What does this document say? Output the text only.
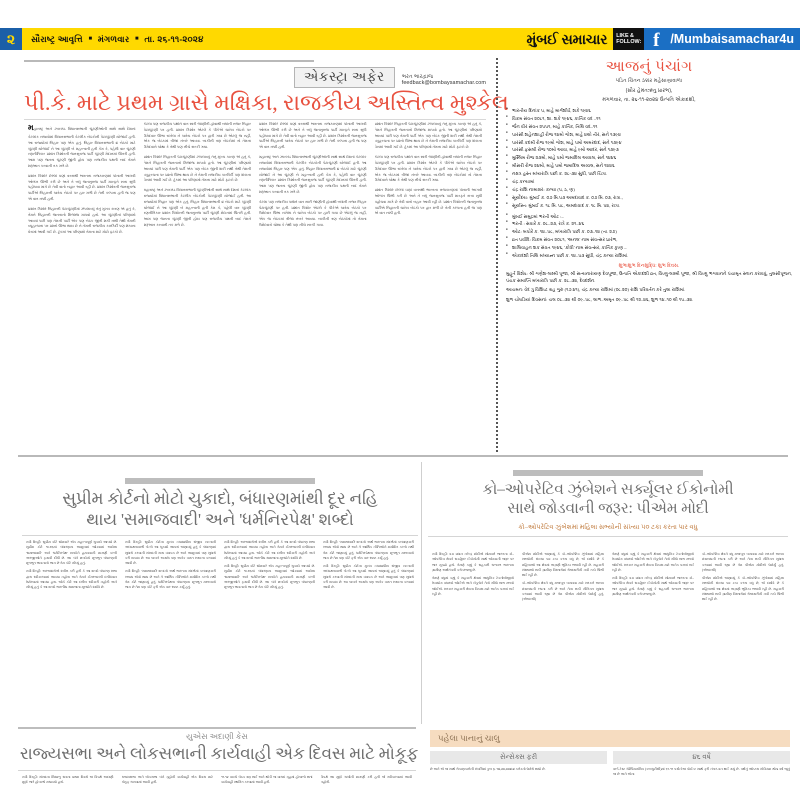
૨	સૌરાષ્ટ્ર આવૃત્તિ ■ મંગળવાર ■ તા. ૨૬-૧૧-૨૦૨૪	મુંબઈ સમાચાર	LIKE &
FOLLOW: f /Mumbaisamachar4u
એકસ્ટ્રા અફેર	ભરત ભારદ્વાજ
feedback@bombaysamachar.com
પી.કે. માટે પ્રથમ ગ્રાસે મક્ષિકા, રાજકીય અસ્તિત્વ મુશ્કેલ
મહારાષ્ટ્ર અને ઝારખંડ વિધાનસભાની ચૂંટણીઓની સાથે સાથે દેશનાં કેટલાંક રાજ્યોમાં વિધાનસભાની કેટલીક બેઠકોની પેટાચૂંટણી યોજાઈ હતી. આ રાજ્યોમાં બિહાર પણ એક હતું. બિહાર વિધાનસભાની ૪ બેઠકો માટે ચૂંટણી યોજાઈ ને આ ચૂંટણી બે મહત્ત્વની હતી કેમ કે, પહેલી વાર ચૂંટણી રણનીતિકાર પ્રશાંત કિશોરની જનસુરાજ પાર્ટી ચૂંટણી મેદાનમાં ઊતરી હતી. આમ પણ જનતા ચૂંટણી જીતી હોય પણ રાજકીય પક્ષની બાદ તેમને શરૂઆત કરવાની તક મળે છે.
પ્રશાંત કિશોરે છેલ્લાં ઘણાં વરસથી ભારતના રાજકારણમાં પોતાની આગવી ઓળખ ઊભી કરી છે અને તે બધું જનસુરાજ પાર્ટી મારફતે સત્તા સુધી પહોંચવા માગે છે તેવી વાતો બહાર આવી રહી છે. પ્રશાંત કિશોરની જનસુરાજ પાર્ટીએ બિહારની ચારેય બેઠકો પર હાર મળી છે તેની કલ્પના હતી જ પણ એ વાત નક્કી હતી.
પ્રશાંત કિશોરે બિહારની પેટાચૂંટણીમાં ઝંપલાવ્યું તેનું મુખ્ય કારણ એ હતું કે, તેમને બિહારની જનતાનો મિજાજ માપવો હતો. આ ચૂંટણીનાં પરિણામો આવ્યાં પછી પણ તેમની પાર્ટી એક પણ બેઠક જીતી શકી નથી તેથી તેમની વ્યૂહરચના પર પ્રશ્નો ઊભા થાય છે ને તેમની રાજકીય કારકિર્દી પણ શંકાના ઘેરામાં આવી ગઈ છે. ટૂંકમાં આ પરિણામો તેમના માટે મોટો ફટકો છે.
કેટલા પણ રાજકીય પક્ષોને વાત સારી જાણીતી હોવાથી બધાંની નજર બિહાર પેટાચૂંટણી પર હતી. પ્રશાંત કિશોર એટલે કે પીકેએ ચારેય બેઠકો પર ઉમેદવાર ઊભા રાખેલા ને ચારેય બેઠકો પર હારી ગયા છે એટલું જ નહીં, એક જ બેઠકમાં ત્રીજા નંબરે આવ્યા. બાકીની ત્રણ બેઠકોમાં તો તેમના ઉમેદવારો ચોથા કે તેથી પણ નીચે સરકી ગયા.
પ્રશાંત કિશોરે બિહારની પેટાચૂંટણીમાં ઝંપલાવ્યું તેનું મુખ્ય કારણ એ હતું કે, તેમને બિહારની જનતાનો મિજાજ માપવો હતો. આ ચૂંટણીનાં પરિણામો આવ્યાં પછી પણ તેમની પાર્ટી એક પણ બેઠક જીતી શકી નથી તેથી તેમની વ્યૂહરચના પર પ્રશ્નો ઊભા થાય છે ને તેમની રાજકીય કારકિર્દી પણ શંકાના ઘેરામાં આવી ગઈ છે. ટૂંકમાં આ પરિણામો તેમના માટે મોટો ફટકો છે.
મહારાષ્ટ્ર અને ઝારખંડ વિધાનસભાની ચૂંટણીઓની સાથે સાથે દેશનાં કેટલાંક રાજ્યોમાં વિધાનસભાની કેટલીક બેઠકોની પેટાચૂંટણી યોજાઈ હતી. આ રાજ્યોમાં બિહાર પણ એક હતું. બિહાર વિધાનસભાની ૪ બેઠકો માટે ચૂંટણી યોજાઈ ને આ ચૂંટણી બે મહત્ત્વની હતી કેમ કે, પહેલી વાર ચૂંટણી રણનીતિકાર પ્રશાંત કિશોરની જનસુરાજ પાર્ટી ચૂંટણી મેદાનમાં ઊતરી હતી. આમ પણ જનતા ચૂંટણી જીતી હોય પણ રાજકીય પક્ષની બાદ તેમને શરૂઆત કરવાની તક મળે છે.
પ્રશાંત કિશોરે છેલ્લાં ઘણાં વરસથી ભારતના રાજકારણમાં પોતાની આગવી ઓળખ ઊભી કરી છે અને તે બધું જનસુરાજ પાર્ટી મારફતે સત્તા સુધી પહોંચવા માગે છે તેવી વાતો બહાર આવી રહી છે. પ્રશાંત કિશોરની જનસુરાજ પાર્ટીએ બિહારની ચારેય બેઠકો પર હાર મળી છે તેની કલ્પના હતી જ પણ એ વાત નક્કી હતી.
મહારાષ્ટ્ર અને ઝારખંડ વિધાનસભાની ચૂંટણીઓની સાથે સાથે દેશનાં કેટલાંક રાજ્યોમાં વિધાનસભાની કેટલીક બેઠકોની પેટાચૂંટણી યોજાઈ હતી. આ રાજ્યોમાં બિહાર પણ એક હતું. બિહાર વિધાનસભાની ૪ બેઠકો માટે ચૂંટણી યોજાઈ ને આ ચૂંટણી બે મહત્ત્વની હતી કેમ કે, પહેલી વાર ચૂંટણી રણનીતિકાર પ્રશાંત કિશોરની જનસુરાજ પાર્ટી ચૂંટણી મેદાનમાં ઊતરી હતી. આમ પણ જનતા ચૂંટણી જીતી હોય પણ રાજકીય પક્ષની બાદ તેમને શરૂઆત કરવાની તક મળે છે.
કેટલા પણ રાજકીય પક્ષોને વાત સારી જાણીતી હોવાથી બધાંની નજર બિહાર પેટાચૂંટણી પર હતી. પ્રશાંત કિશોર એટલે કે પીકેએ ચારેય બેઠકો પર ઉમેદવાર ઊભા રાખેલા ને ચારેય બેઠકો પર હારી ગયા છે એટલું જ નહીં, એક જ બેઠકમાં ત્રીજા નંબરે આવ્યા. બાકીની ત્રણ બેઠકોમાં તો તેમના ઉમેદવારો ચોથા કે તેથી પણ નીચે સરકી ગયા.
પ્રશાંત કિશોરે બિહારની પેટાચૂંટણીમાં ઝંપલાવ્યું તેનું મુખ્ય કારણ એ હતું કે, તેમને બિહારની જનતાનો મિજાજ માપવો હતો. આ ચૂંટણીનાં પરિણામો આવ્યાં પછી પણ તેમની પાર્ટી એક પણ બેઠક જીતી શકી નથી તેથી તેમની વ્યૂહરચના પર પ્રશ્નો ઊભા થાય છે ને તેમની રાજકીય કારકિર્દી પણ શંકાના ઘેરામાં આવી ગઈ છે. ટૂંકમાં આ પરિણામો તેમના માટે મોટો ફટકો છે.
કેટલા પણ રાજકીય પક્ષોને વાત સારી જાણીતી હોવાથી બધાંની નજર બિહાર પેટાચૂંટણી પર હતી. પ્રશાંત કિશોર એટલે કે પીકેએ ચારેય બેઠકો પર ઉમેદવાર ઊભા રાખેલા ને ચારેય બેઠકો પર હારી ગયા છે એટલું જ નહીં, એક જ બેઠકમાં ત્રીજા નંબરે આવ્યા. બાકીની ત્રણ બેઠકોમાં તો તેમના ઉમેદવારો ચોથા કે તેથી પણ નીચે સરકી ગયા.
પ્રશાંત કિશોરે છેલ્લાં ઘણાં વરસથી ભારતના રાજકારણમાં પોતાની આગવી ઓળખ ઊભી કરી છે અને તે બધું જનસુરાજ પાર્ટી મારફતે સત્તા સુધી પહોંચવા માગે છે તેવી વાતો બહાર આવી રહી છે. પ્રશાંત કિશોરની જનસુરાજ પાર્ટીએ બિહારની ચારેય બેઠકો પર હાર મળી છે તેની કલ્પના હતી જ પણ એ વાત નક્કી હતી.
આજનું પંચાંગ
પંડિત ચિંતન ઠક્કર મહેસાણાવાળા
(સૌર હેમંતઋતુ પ્રારંભ),
મંગળવાર, તા. ૨૬-૧૧-૨૦૨૪ ઉત્પતિ એકાદશી,
■ ભારતીય દિનાંક ૫, માહે માર્ગશીર્ષ, શકે ૧૯૪૬
■ વિક્રમ સંવત ૨૦૮૧, શા. શકે ૧૯૪૬, કાર્તિક વદ –૧૧
■ જૈન વીર સંવત ૨૫૫૧, માહે કાર્તિક, તિથિ વદ–૧૧
■ પારસી શહેનશાહી રોજ ૧૪મો ગોશ, માહે ૪થો તીર, સને ૧૩૯૪
■ પારસી કદમી રોજ ૧૯મો ગોશ, માહે ૫મો અમરદાદ, સને ૧૩૯૪
■ પારસી ફસલી રોજ ૧૦મો આવા, માહે ૯મો આદર, સને ૧૩૯૩
■ મુસ્લિમ રોજ ૨૩મો, માહે ૫મો જમાદિલ અવ્વલ, સને ૧૪૪૬
■ મીસરી રોજ ૨૪મો, માહે ૫મો જમાદિલ અવ્વલ, સને ૧૪૪૬
■ નક્ષત્ર હસ્ત મધ્યરાત્રિ પછી ક. ૨૮-૩૪ સુધી, પછી ચિત્રા.
■ ચંદ્ર કન્યામાં
■ ચંદ્ર રાશિ નામાક્ષર: કન્યા (૫, ઠ, ણ)
■ સૂર્યોદય: મુંબઈ ક. ૦૭ મિ.૫૩ અમદાવાદ ક. ૦૭ મિ. ૦૩, રાત્રા.,
■ સૂર્યાસ્ત: મુંબઈ ક. ૧૮ મિ. ૫૮, અમદાવાદ ક. ૧૮ મિ. ૫૪, રાત્રા.
■ મુંબઈ સમુદ્રમાં ભરતી ઓટ :–
■ ભરતી : સવારે ક. ૦૮–૨૩, રાત્રે ક. ૨૧–૪૬
■ ઓટ: બપોરે ક. ૧૪–૫૮, મધ્યરાત્રિ પછી ક. ૦૩–૧૪ (તા. ૨૭)
■ વ્રત પર્વાદિ: વિક્રમ સંવત ૨૦૮૧, 'અનલ' નામ સંવત્સર પ્રારંભ,
■ શાલિવાહન શક સંવત ૧૯૪૬, 'ક્રોધી' નામ સંવત્સર, કાર્તિક કૃષ્ણ –
■ એકાદશી તિથિ મધ્યાહ્ન પછી ક. ૧૪–૫૩ સુધી, ચંદ્ર કન્યા રાશિમાં.
શુભાશુભ દિનશુદ્ધિ: શુભ દિવસ.
મુહૂર્ત વિશેષ: શ્રી ગણેશ-લક્ષ્મી પૂજા, શ્રી સત્યનારાયણ દેવપૂજા, ઉત્પતિ એકાદશી વ્રત, વિષ્ણુ-લક્ષ્મી પૂજા, શ્રી વિષ્ણુ ભગવાનને પંચામૃત સ્નાન કરાવવું, તુલસીપૂજન, પંચક સમાપ્તિ મધ્યરાત્રિ પછી ક. ૨૮–૩૪, દેવદર્શન.
આચમન: વેદ ત્રુ વિશિષ્ટ ગ્રહ ગુરુ (૧૭.૪૧), ચંદ્ર કન્યા રાશિમાં (૦૮.૨૦) રાશિ પરિવર્તન કરે તુલા રાશિમાં.
શુભ ચોઘડિયાં દિવસનાં: ચલ ૦૮–૩૪ થી ૦૯–૫૮, લાભ–અમૃત ૦૯–૫૮ થી ૧૨–૪૬, શુભ ૧૪–૧૦ થી ૧૫–૩૪.
સુપ્રીમ કોર્ટનો મોટો ચુકાદો, બંધારણમાંથી દૂર નહિ
થાય 'સમાજવાદી' અને 'ધર્મનિરપેક્ષ' શબ્દો
નવી દિલ્હી: સુપ્રીમ કોર્ટે સોમવારે એક મહત્ત્વપૂર્ણ ચુકાદો આપ્યો છે. સુપ્રીમ કોર્ટે ૧૯૭૬માં બંધારણના આમુખમાં જોડવામાં આવેલા 'સમાજવાદી' અને 'ધર્મનિરપેક્ષ' શબ્દોને હટાવવાની માગણી કરતી અરજીઓને ફગાવી દીધી છે. આ બંને શબ્દોનો મૂળભૂત બંધારણની મૂળભૂત ભાવનાનો ભાગ છે તેમ કોર્ટે નોંધ્યું હતું.
નવી દિલ્હી: અરજદારોએ દલીલ કરી હતી કે આ શબ્દો બંધારણ સભા દ્વારા સ્વીકારવામાં આવ્યા નહોતા અને તેમને ઈમરજન્સી દરમિયાન ઉમેરવામાં આવ્યા હતા. જોકે કોર્ટે આ દલીલ સ્વીકારી નહોતી અને નોંધ્યું હતું કે આ શબ્દો ભારતીય સમાજના મૂલ્યોને દર્શાવે છે.
નવી દિલ્હી: સુપ્રીમ કોર્ટના મુખ્ય ન્યાયાધીશ સંજીવ ખન્નાની અધ્યક્ષતાવાળી બેન્ચે આ ચુકાદો આપતાં જણાવ્યું હતું કે બંધારણમાં સુધારો કરવાની સંસદની સત્તા વ્યાપક છે અને આમુખમાં પણ સુધારો કરી શકાય છે. આ બાબતે અગાઉ પણ અનેક વખત સ્પષ્ટતા કરવામાં આવી છે.
નવી દિલ્હી: 'સમાજવાદી' શબ્દનો અર્થ ભારતના સંદર્ભમાં કલ્યાણકારી રાજ્ય એવો થાય છે અને તે આર્થિક નીતિઓને મર્યાદિત કરતો નથી તેમ કોર્ટે જણાવ્યું હતું. ધર્મનિરપેક્ષતા બંધારણના મૂળભૂત માળખાનો ભાગ છે તેમ પણ કોર્ટે ફરી એક વાર સ્પષ્ટ કર્યું હતું.
નવી દિલ્હી: અરજદારોએ દલીલ કરી હતી કે આ શબ્દો બંધારણ સભા દ્વારા સ્વીકારવામાં આવ્યા નહોતા અને તેમને ઈમરજન્સી દરમિયાન ઉમેરવામાં આવ્યા હતા. જોકે કોર્ટે આ દલીલ સ્વીકારી નહોતી અને નોંધ્યું હતું કે આ શબ્દો ભારતીય સમાજના મૂલ્યોને દર્શાવે છે.
નવી દિલ્હી: સુપ્રીમ કોર્ટે સોમવારે એક મહત્ત્વપૂર્ણ ચુકાદો આપ્યો છે. સુપ્રીમ કોર્ટે ૧૯૭૬માં બંધારણના આમુખમાં જોડવામાં આવેલા 'સમાજવાદી' અને 'ધર્મનિરપેક્ષ' શબ્દોને હટાવવાની માગણી કરતી અરજીઓને ફગાવી દીધી છે. આ બંને શબ્દોનો મૂળભૂત બંધારણની મૂળભૂત ભાવનાનો ભાગ છે તેમ કોર્ટે નોંધ્યું હતું.
નવી દિલ્હી: 'સમાજવાદી' શબ્દનો અર્થ ભારતના સંદર્ભમાં કલ્યાણકારી રાજ્ય એવો થાય છે અને તે આર્થિક નીતિઓને મર્યાદિત કરતો નથી તેમ કોર્ટે જણાવ્યું હતું. ધર્મનિરપેક્ષતા બંધારણના મૂળભૂત માળખાનો ભાગ છે તેમ પણ કોર્ટે ફરી એક વાર સ્પષ્ટ કર્યું હતું.
નવી દિલ્હી: સુપ્રીમ કોર્ટના મુખ્ય ન્યાયાધીશ સંજીવ ખન્નાની અધ્યક્ષતાવાળી બેન્ચે આ ચુકાદો આપતાં જણાવ્યું હતું કે બંધારણમાં સુધારો કરવાની સંસદની સત્તા વ્યાપક છે અને આમુખમાં પણ સુધારો કરી શકાય છે. આ બાબતે અગાઉ પણ અનેક વખત સ્પષ્ટતા કરવામાં આવી છે.
કો–ઓપરેટિવ ઝુંબેશને સર્ક્યૂલર ઈકોનોમી
સાથે જોડવાની જરૂર: પીએમ મોદી
કો–ઓપરેટિવ ઝુંબેશમાં મહિલા સભ્યોની સંખ્યા ૫૦ ટકા કરતા પાર વધુ
નવી દિલ્હી: વડા પ્રધાન નરેન્દ્ર મોદીએ સોમવારે ભારતના કો–ઓપરેટિવ ક્ષેત્રને સર્ક્યૂલર ઈકોનોમી સાથે જોડવાની જરૂર પર ભાર મૂક્યો હતો. તેમણે કહ્યું કે સહકારી ચળવળ ભારતના ગ્રામીણ અર્થતંત્રની કરોડરજ્જુ છે.
તેમણે વધુમાં કહ્યું કે સહકારી ક્ષેત્રમાં આધુનિક ટેક્નોલોજીનો ઉપયોગ વધારવો જોઈએ અને ખેડૂતોને તેનો સીધો લાભ મળવો જોઈએ. સરકાર સહકારી ક્ષેત્રના વિકાસ માટે અનેક પગલાં લઈ રહી છે.
પીએમ મોદીએ જણાવ્યું કે કો–ઓપરેટિવ ઝુંબેશમાં મહિલા સભ્યોની સંખ્યા ૫૦ ટકા કરતા વધુ છે, જે દર્શાવે છે કે મહિલાઓ આ ક્ષેત્રમાં અગ્રણી ભૂમિકા ભજવી રહી છે. સહકારી સંસ્થાઓ થકી ગ્રામીણ વિસ્તારોમાં રોજગારીની નવી તકો ઊભી થઈ રહી છે.
કો–ઓપરેટિવ ક્ષેત્રને વધુ મજબૂત બનાવવા માટે સરકારે અલગ મંત્રાલયની રચના કરી છે અને તેના થકી નીતિગત સુધારા કરવામાં આવી રહ્યા છે તેમ પીએમ મોદીએ ઉમેર્યું હતું. (એજન્સી)
તેમણે વધુમાં કહ્યું કે સહકારી ક્ષેત્રમાં આધુનિક ટેક્નોલોજીનો ઉપયોગ વધારવો જોઈએ અને ખેડૂતોને તેનો સીધો લાભ મળવો જોઈએ. સરકાર સહકારી ક્ષેત્રના વિકાસ માટે અનેક પગલાં લઈ રહી છે.
નવી દિલ્હી: વડા પ્રધાન નરેન્દ્ર મોદીએ સોમવારે ભારતના કો–ઓપરેટિવ ક્ષેત્રને સર્ક્યૂલર ઈકોનોમી સાથે જોડવાની જરૂર પર ભાર મૂક્યો હતો. તેમણે કહ્યું કે સહકારી ચળવળ ભારતના ગ્રામીણ અર્થતંત્રની કરોડરજ્જુ છે.
કો–ઓપરેટિવ ક્ષેત્રને વધુ મજબૂત બનાવવા માટે સરકારે અલગ મંત્રાલયની રચના કરી છે અને તેના થકી નીતિગત સુધારા કરવામાં આવી રહ્યા છે તેમ પીએમ મોદીએ ઉમેર્યું હતું. (એજન્સી)
પીએમ મોદીએ જણાવ્યું કે કો–ઓપરેટિવ ઝુંબેશમાં મહિલા સભ્યોની સંખ્યા ૫૦ ટકા કરતા વધુ છે, જે દર્શાવે છે કે મહિલાઓ આ ક્ષેત્રમાં અગ્રણી ભૂમિકા ભજવી રહી છે. સહકારી સંસ્થાઓ થકી ગ્રામીણ વિસ્તારોમાં રોજગારીની નવી તકો ઊભી થઈ રહી છે.
યુએસ અદાણી કેસ
રાજ્યસભા અને લોકસભાની કાર્યવાહી એક દિવસ માટે મોકૂફ
નવી દિલ્હી: સંસદના શિયાળુ સત્રના પ્રથમ દિવસે જ વિપક્ષે અદાણી મુદ્દે ભારે હોબાળો મચાવ્યો હતો.
રાજ્યસભા અને લોકસભા બંને ગૃહોની કાર્યવાહી એક દિવસ માટે મોકૂફ રાખવામાં આવી હતી.
૧૧.૧૨ વાગ્યે બેઠક શરૂ થઈ અને થોડી જ વારમાં ગૃહમાં હોબાળો થતાં કાર્યવાહી સ્થગિત કરવામાં આવી હતી.
વિપક્ષે આ મુદ્દે ચર્ચાની માગણી કરી હતી જે સ્વીકારવામાં આવી નહોતી.
પહેલા પાનાનું ચાલુ
સેન્સેક્સ ફરી	૪૬ વર્ષે
છે અને એ જ સાથે રોકાણકારોની સંપત્તિમાં કુલ રૂ. ૧૪,૨૦,૦૦૪.૪ કરોડનો ઉમેરો થયો છે.	વર્લ્ડ ટેસ્ટ ચેમ્પિયનશિપ (ડબ્લ્યુટીસી)માં ૬૧.૧૧ પર્સન્ટેજ પોઈન્ટ સાથે ફરી નંબર-વન થઈ ગયું છે. પર્થનું ઓપ્ટસ સ્ટેડિયમ થોડા વર્ષ જૂનું જ છે અને એના
